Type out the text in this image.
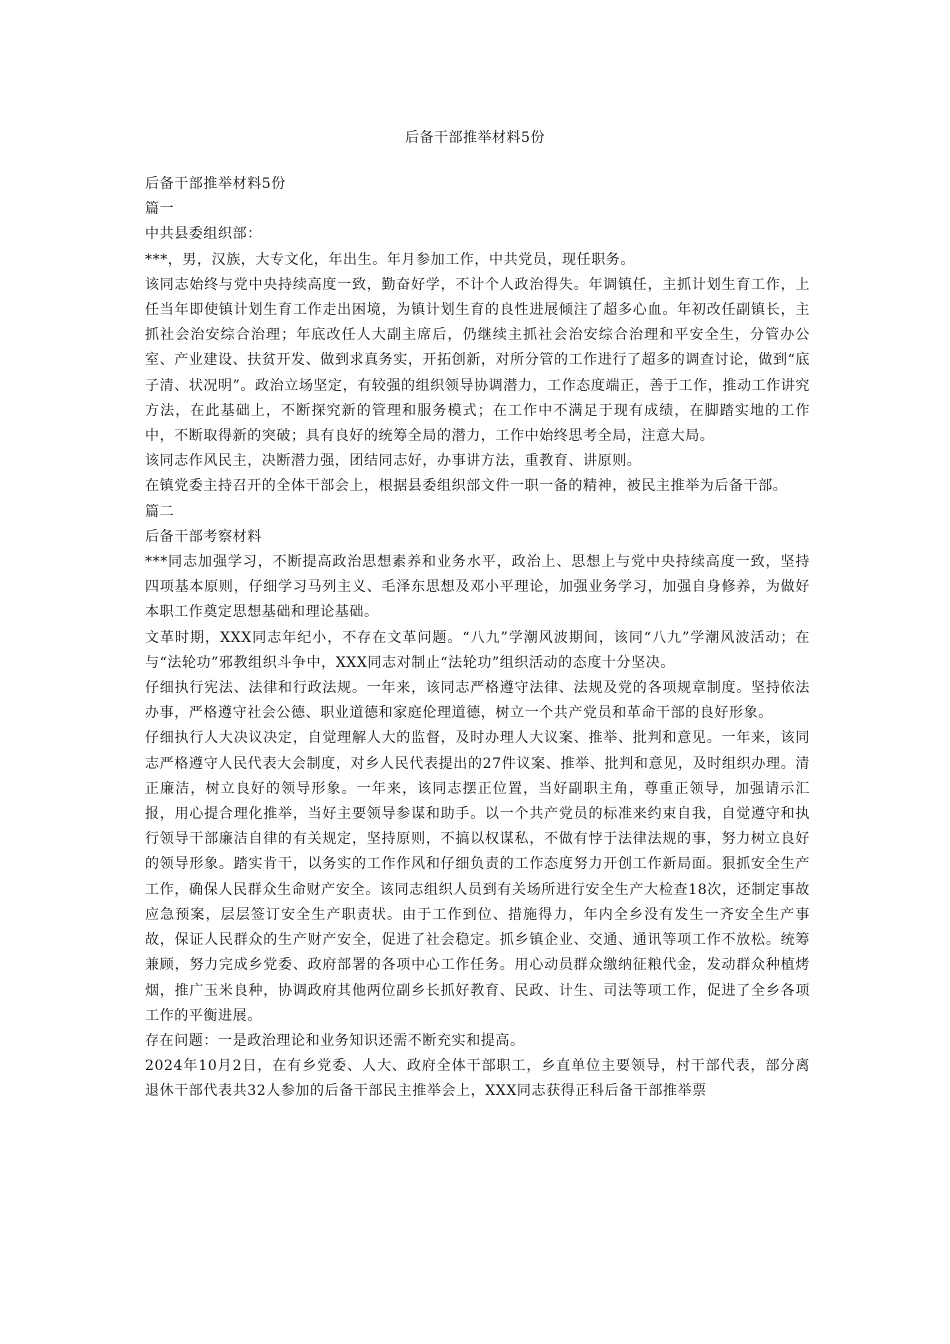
后备干部推举材料5份

后备干部推举材料5份

篇一

中共县委组织部：

***，男，汉族，大专文化，年出生。年月参加工作，中共党员，现任职务。

该同志始终与党中央持续高度一致，勤奋好学，不计个人政治得失。年调镇任，主抓计划生育工作，上任当年即使镇计划生育工作走出困境，为镇计划生育的良性进展倾注了超多心血。年初改任副镇长，主抓社会治安综合治理；年底改任人大副主席后，仍继续主抓社会治安综合治理和平安全生，分管办公室、产业建设、扶贫开发、做到求真务实，开拓创新，对所分管的工作进行了超多的调查讨论，做到“底子清、状况明”。政治立场坚定，有较强的组织领导协调潜力，工作态度端正，善于工作，推动工作讲究方法，在此基础上，不断探究新的管理和服务模式；在工作中不满足于现有成绩，在脚踏实地的工作中，不断取得新的突破；具有良好的统筹全局的潜力，工作中始终思考全局，注意大局。

该同志作风民主，决断潜力强，团结同志好，办事讲方法，重教育、讲原则。

在镇党委主持召开的全体干部会上，根据县委组织部文件一职一备的精神，被民主推举为后备干部。

篇二

后备干部考察材料

***同志加强学习，不断提高政治思想素养和业务水平，政治上、思想上与党中央持续高度一致，坚持四项基本原则，仔细学习马列主义、毛泽东思想及邓小平理论，加强业务学习，加强自身修养，为做好本职工作奠定思想基础和理论基础。

文革时期，XXX同志年纪小，不存在文革问题。“八九”学潮风波期间，该同“八九”学潮风波活动；在与“法轮功”邪教组织斗争中，XXX同志对制止“法轮功”组织活动的态度十分坚决。

仔细执行宪法、法律和行政法规。一年来，该同志严格遵守法律、法规及党的各项规章制度。坚持依法办事，严格遵守社会公德、职业道德和家庭伦理道德，树立一个共产党员和革命干部的良好形象。

仔细执行人大决议决定，自觉理解人大的监督，及时办理人大议案、推举、批判和意见。一年来，该同志严格遵守人民代表大会制度，对乡人民代表提出的27件议案、推举、批判和意见，及时组织办理。清正廉洁，树立良好的领导形象。一年来，该同志摆正位置，当好副职主角，尊重正领导，加强请示汇报，用心提合理化推举，当好主要领导参谋和助手。以一个共产党员的标准来约束自我，自觉遵守和执行领导干部廉洁自律的有关规定，坚持原则，不搞以权谋私，不做有悖于法律法规的事，努力树立良好的领导形象。踏实肯干，以务实的工作作风和仔细负责的工作态度努力开创工作新局面。狠抓安全生产工作，确保人民群众生命财产安全。该同志组织人员到有关场所进行安全生产大检查18次，还制定事故应急预案，层层签订安全生产职责状。由于工作到位、措施得力，年内全乡没有发生一齐安全生产事故，保证人民群众的生产财产安全，促进了社会稳定。抓乡镇企业、交通、通讯等项工作不放松。统筹兼顾，努力完成乡党委、政府部署的各项中心工作任务。用心动员群众缴纳征粮代金，发动群众种植烤烟，推广玉米良种，协调政府其他两位副乡长抓好教育、民政、计生、司法等项工作，促进了全乡各项工作的平衡进展。

存在问题：一是政治理论和业务知识还需不断充实和提高。

2024年10月2日，在有乡党委、人大、政府全体干部职工，乡直单位主要领导，村干部代表，部分离退休干部代表共32人参加的后备干部民主推举会上，XXX同志获得正科后备干部推举票
